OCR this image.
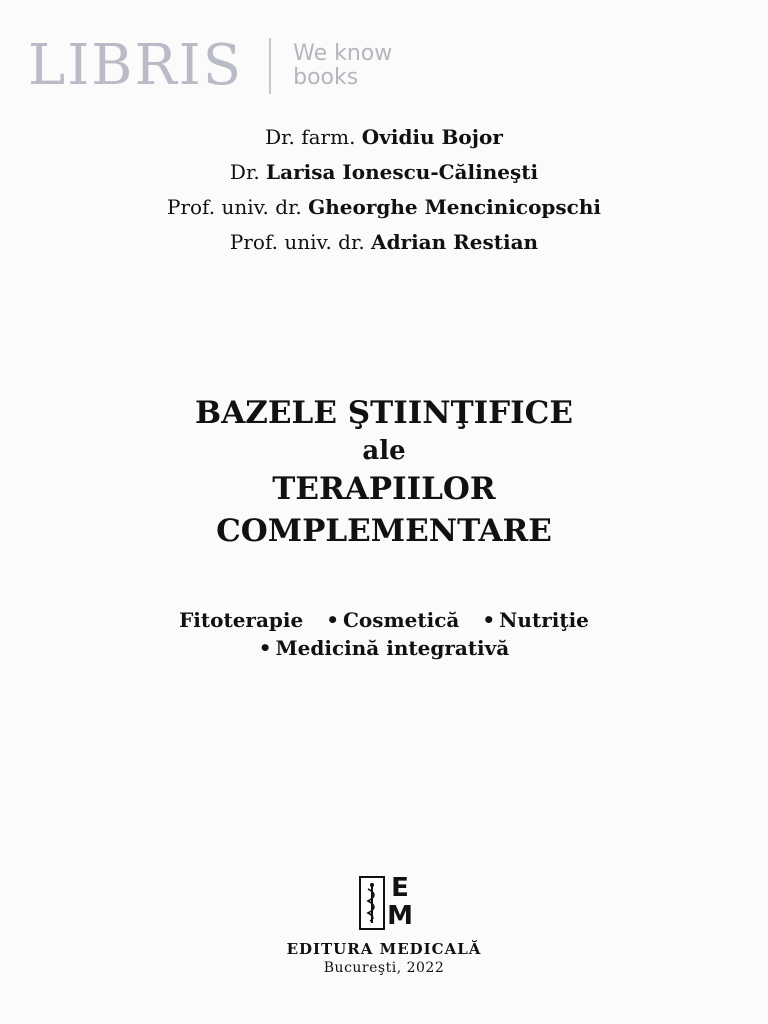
LIBRIS We know
books
Dr. farm. Ovidiu Bojor
Dr. Larisa Ionescu-Călineşti
Prof. univ. dr. Gheorghe Mencinicopschi
Prof. univ. dr. Adrian Restian
BAZELE ŞTIINŢIFICE
ale
TERAPIILOR
COMPLEMENTARE
Fitoterapie • Cosmetică • Nutriţie
• Medicină integrativă
E
M
EDITURA MEDICALĂ
Bucureşti, 2022
